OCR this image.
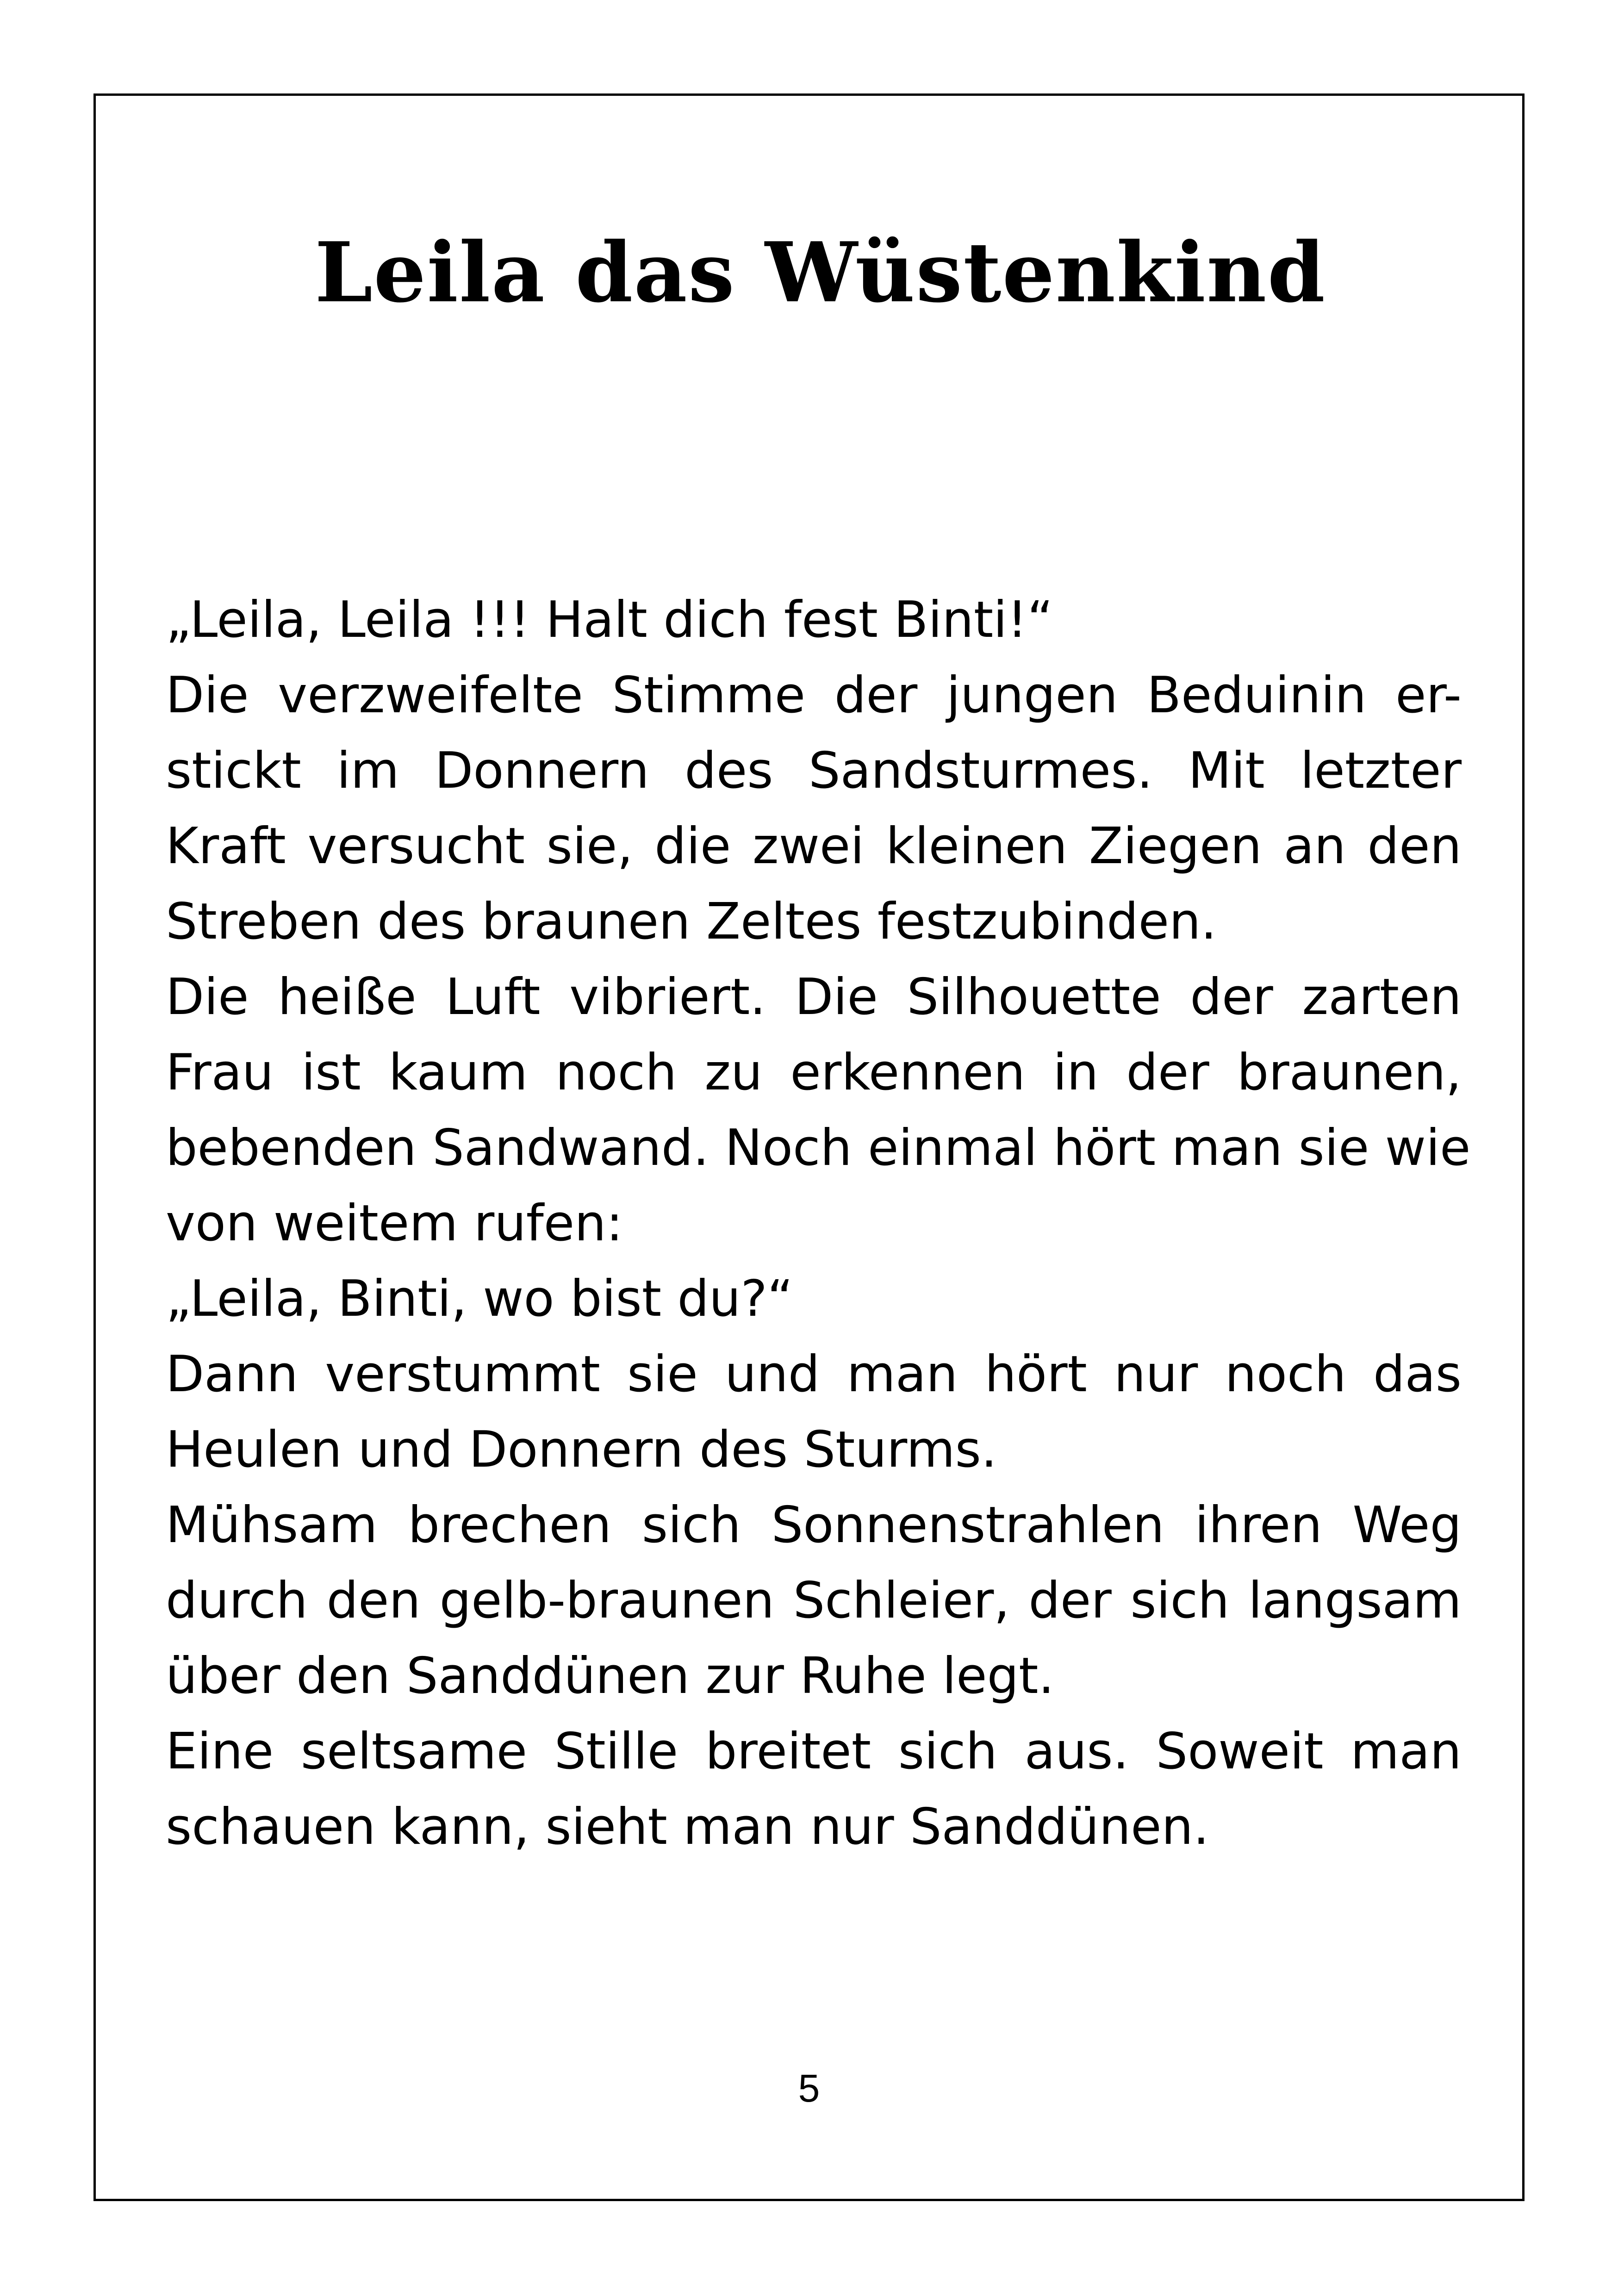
Leila das Wüstenkind
„Leila, Leila !!! Halt dich fest Binti!“
Die verzweifelte Stimme der jungen Beduinin er-
stickt im Donnern des Sandsturmes. Mit letzter
Kraft versucht sie, die zwei kleinen Ziegen an den
Streben des braunen Zeltes festzubinden.
Die heiße Luft vibriert. Die Silhouette der zarten
Frau ist kaum noch zu erkennen in der braunen,
bebenden Sandwand. Noch einmal hört man sie wie
von weitem rufen:
„Leila, Binti, wo bist du?“
Dann verstummt sie und man hört nur noch das
Heulen und Donnern des Sturms.
Mühsam brechen sich Sonnenstrahlen ihren Weg
durch den gelb-braunen Schleier, der sich langsam
über den Sanddünen zur Ruhe legt.
Eine seltsame Stille breitet sich aus. Soweit man
schauen kann, sieht man nur Sanddünen.
5
